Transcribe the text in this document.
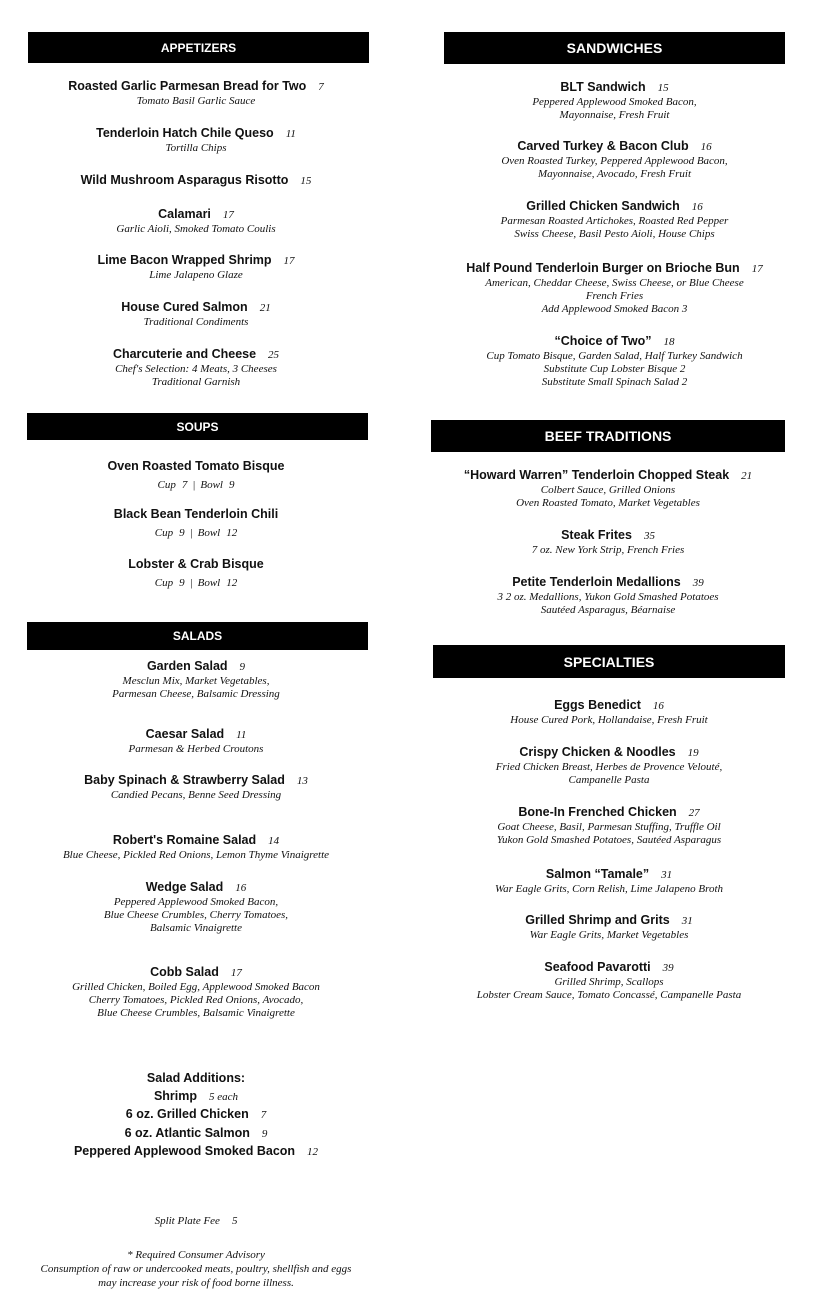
APPETIZERS
Roasted Garlic Parmesan Bread for Two 7
Tomato Basil Garlic Sauce
Tenderloin Hatch Chile Queso 11
Tortilla Chips
Wild Mushroom Asparagus Risotto 15
Calamari 17
Garlic Aioli, Smoked Tomato Coulis
Lime Bacon Wrapped Shrimp 17
Lime Jalapeno Glaze
House Cured Salmon 21
Traditional Condiments
Charcuterie and Cheese 25
Chef's Selection: 4 Meats, 3 Cheeses
Traditional Garnish
SOUPS
Oven Roasted Tomato Bisque
Cup 7 | Bowl 9
Black Bean Tenderloin Chili
Cup 9 | Bowl 12
Lobster & Crab Bisque
Cup 9 | Bowl 12
SALADS
Garden Salad 9
Mesclun Mix, Market Vegetables,
Parmesan Cheese, Balsamic Dressing
Caesar Salad 11
Parmesan & Herbed Croutons
Baby Spinach & Strawberry Salad 13
Candied Pecans, Benne Seed Dressing
Robert's Romaine Salad 14
Blue Cheese, Pickled Red Onions, Lemon Thyme Vinaigrette
Wedge Salad 16
Peppered Applewood Smoked Bacon,
Blue Cheese Crumbles, Cherry Tomatoes,
Balsamic Vinaigrette
Cobb Salad 17
Grilled Chicken, Boiled Egg, Applewood Smoked Bacon
Cherry Tomatoes, Pickled Red Onions, Avocado,
Blue Cheese Crumbles, Balsamic Vinaigrette
Salad Additions:
Shrimp 5 each
6 oz. Grilled Chicken 7
6 oz. Atlantic Salmon 9
Peppered Applewood Smoked Bacon 12
Split Plate Fee 5
* Required Consumer Advisory
Consumption of raw or undercooked meats, poultry, shellfish and eggs
may increase your risk of food borne illness.
SANDWICHES
BLT Sandwich 15
Peppered Applewood Smoked Bacon,
Mayonnaise, Fresh Fruit
Carved Turkey & Bacon Club 16
Oven Roasted Turkey, Peppered Applewood Bacon,
Mayonnaise, Avocado, Fresh Fruit
Grilled Chicken Sandwich 16
Parmesan Roasted Artichokes, Roasted Red Pepper
Swiss Cheese, Basil Pesto Aioli, House Chips
Half Pound Tenderloin Burger on Brioche Bun 17
American, Cheddar Cheese, Swiss Cheese, or Blue Cheese
French Fries
Add Applewood Smoked Bacon 3
“Choice of Two” 18
Cup Tomato Bisque, Garden Salad, Half Turkey Sandwich
Substitute Cup Lobster Bisque 2
Substitute Small Spinach Salad 2
BEEF TRADITIONS
“Howard Warren” Tenderloin Chopped Steak 21
Colbert Sauce, Grilled Onions
Oven Roasted Tomato, Market Vegetables
Steak Frites 35
7 oz. New York Strip, French Fries
Petite Tenderloin Medallions 39
3 2 oz. Medallions, Yukon Gold Smashed Potatoes
Sautéed Asparagus, Béarnaise
SPECIALTIES
Eggs Benedict 16
House Cured Pork, Hollandaise, Fresh Fruit
Crispy Chicken & Noodles 19
Fried Chicken Breast, Herbes de Provence Velouté,
Campanelle Pasta
Bone-In Frenched Chicken 27
Goat Cheese, Basil, Parmesan Stuffing, Truffle Oil
Yukon Gold Smashed Potatoes, Sautéed Asparagus
Salmon “Tamale” 31
War Eagle Grits, Corn Relish, Lime Jalapeno Broth
Grilled Shrimp and Grits 31
War Eagle Grits, Market Vegetables
Seafood Pavarotti 39
Grilled Shrimp, Scallops
Lobster Cream Sauce, Tomato Concassé, Campanelle Pasta
